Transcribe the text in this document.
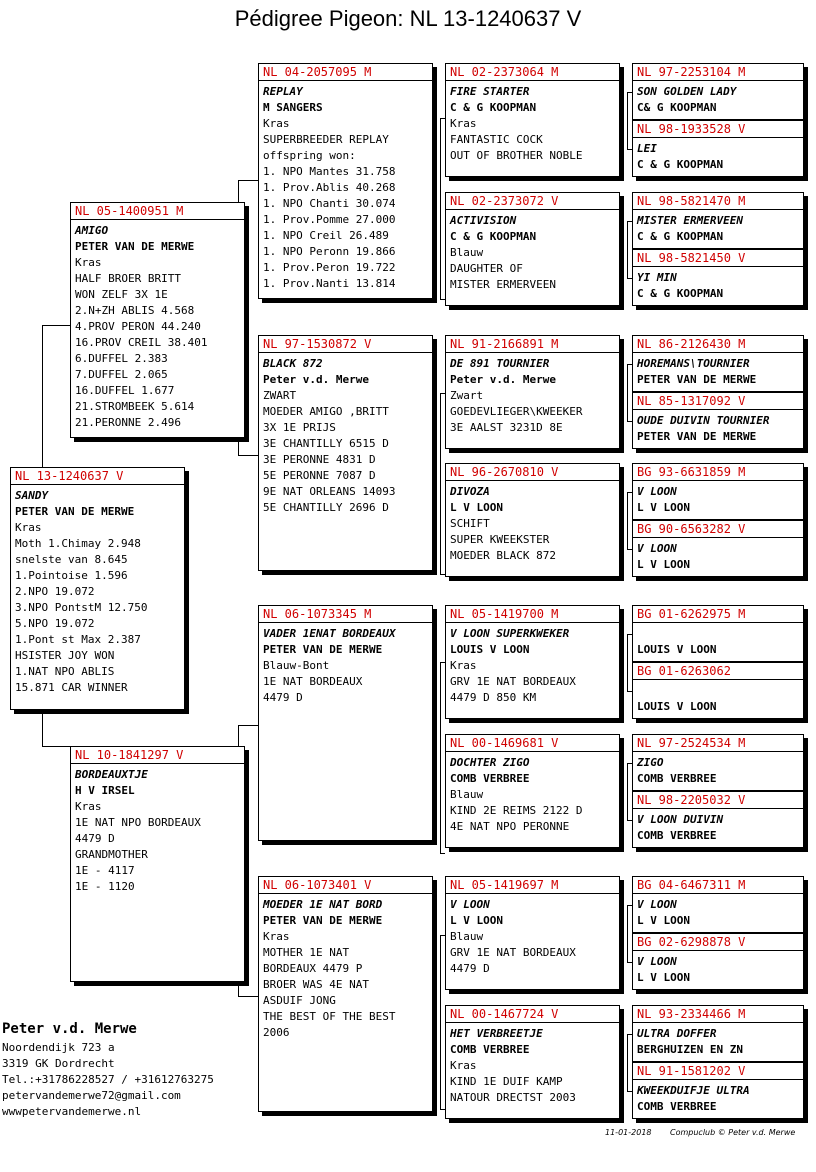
Pédigree Pigeon: NL 13-1240637 V
NL 13-1240637 V
SANDY
PETER VAN DE MERWE
Kras
Moth 1.Chimay 2.948
snelste van 8.645
1.Pointoise 1.596
2.NPO 19.072
3.NPO PontstM 12.750
5.NPO 19.072
1.Pont st Max 2.387
HSISTER JOY WON
1.NAT NPO ABLIS
15.871 CAR WINNER
NL 05-1400951 M
AMIGO
PETER VAN DE MERWE
Kras
HALF BROER BRITT
WON ZELF 3X 1E
2.N+ZH ABLIS 4.568
4.PROV PERON 44.240
16.PROV CREIL 38.401
6.DUFFEL 2.383
7.DUFFEL 2.065
16.DUFFEL 1.677
21.STROMBEEK 5.614
21.PERONNE 2.496
NL 10-1841297 V
BORDEAUXTJE
H V IRSEL
Kras
1E NAT NPO BORDEAUX
4479 D
GRANDMOTHER
1E - 4117
1E - 1120
NL 04-2057095 M
REPLAY
M SANGERS
Kras
SUPERBREEDER REPLAY
offspring won:
1. NPO Mantes 31.758
1. Prov.Ablis 40.268
1. NPO Chanti 30.074
1. Prov.Pomme 27.000
1. NPO Creil 26.489
1. NPO Peronn 19.866
1. Prov.Peron 19.722
1. Prov.Nanti 13.814
NL 97-1530872 V
BLACK 872
Peter v.d. Merwe
ZWART
MOEDER AMIGO ,BRITT
3X 1E PRIJS
3E CHANTILLY 6515 D
3E PERONNE 4831 D
5E PERONNE 7087 D
9E NAT ORLEANS 14093
5E CHANTILLY 2696 D
NL 06-1073345 M
VADER 1ENAT BORDEAUX
PETER VAN DE MERWE
Blauw-Bont
1E NAT BORDEAUX
4479 D
NL 06-1073401 V
MOEDER 1E NAT BORD
PETER VAN DE MERWE
Kras
MOTHER 1E NAT
BORDEAUX 4479 P
BROER WAS 4E NAT
ASDUIF JONG
THE BEST OF THE BEST
2006
NL 02-2373064 M
FIRE STARTER
C & G KOOPMAN
Kras
FANTASTIC COCK
OUT OF BROTHER NOBLE
NL 02-2373072 V
ACTIVISION
C & G KOOPMAN
Blauw
DAUGHTER OF
MISTER ERMERVEEN
NL 91-2166891 M
DE 891 TOURNIER
Peter v.d. Merwe
Zwart
GOEDEVLIEGER\KWEEKER
3E AALST 3231D 8E
NL 96-2670810 V
DIVOZA
L V LOON
SCHIFT
SUPER KWEEKSTER
MOEDER BLACK 872
NL 05-1419700 M
V LOON SUPERKWEKER
LOUIS V LOON
Kras
GRV 1E NAT BORDEAUX
4479 D 850 KM
NL 00-1469681 V
DOCHTER ZIGO
COMB VERBREE
Blauw
KIND 2E REIMS 2122 D
4E NAT NPO PERONNE
NL 05-1419697 M
V LOON
L V LOON
Blauw
GRV 1E NAT BORDEAUX
4479 D
NL 00-1467724 V
HET VERBREETJE
COMB VERBREE
Kras
KIND 1E DUIF KAMP
NATOUR DRECTST 2003
NL 97-2253104 M
SON GOLDEN LADY
C& G KOOPMAN
NL 98-1933528 V
LEI
C & G KOOPMAN
NL 98-5821470 M
MISTER ERMERVEEN
C & G KOOPMAN
NL 98-5821450 V
YI MIN
C & G KOOPMAN
NL 86-2126430 M
HOREMANS\TOURNIER
PETER VAN DE MERWE
NL 85-1317092 V
OUDE DUIVIN TOURNIER
PETER VAN DE MERWE
BG 93-6631859 M
V LOON
L V LOON
BG 90-6563282 V
V LOON
L V LOON
BG 01-6262975 M
LOUIS V LOON
BG 01-6263062
LOUIS V LOON
NL 97-2524534 M
ZIGO
COMB VERBREE
NL 98-2205032 V
V LOON DUIVIN
COMB VERBREE
BG 04-6467311 M
V LOON
L V LOON
BG 02-6298878 V
V LOON
L V LOON
NL 93-2334466 M
ULTRA DOFFER
BERGHUIZEN EN ZN
NL 91-1581202 V
KWEEKDUIFJE ULTRA
COMB VERBREE
Peter v.d. Merwe
Noordendijk 723 a
3319 GK Dordrecht
Tel.:+31786228527 / +31612763275
petervandemerwe72@gmail.com
wwwpetervandemerwe.nl
11-01-2018 Compuclub © Peter v.d. Merwe
